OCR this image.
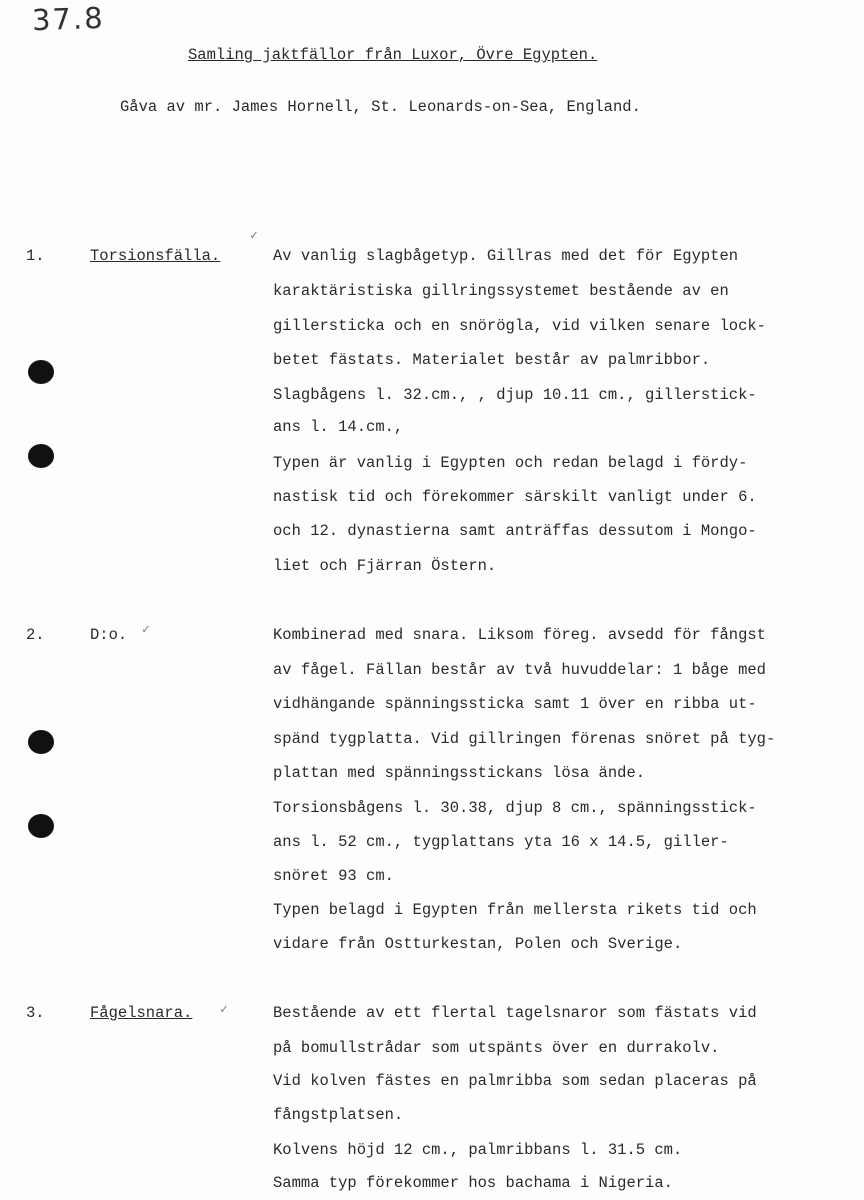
37.8
Samling jaktfällor från Luxor, Övre Egypten.
Gåva av mr. James Hornell, St. Leonards-on-Sea, England.
✓
✓
✓
1.	Torsionsfälla.	Av vanlig slagbågetyp. Gillras med det för Egypten
karaktäristiska gillringssystemet bestående av en
gillersticka och en snörögla, vid vilken senare lock-
betet fästats. Materialet består av palmribbor.
Slagbågens l. 32.cm., , djup 10.11 cm., gillerstick-
ans l. 14.cm.,
Typen är vanlig i Egypten och redan belagd i fördy-
nastisk tid och förekommer särskilt vanligt under 6.
och 12. dynastierna samt anträffas dessutom i Mongo-
liet och Fjärran Östern.
2.	D:o.	Kombinerad med snara. Liksom föreg. avsedd för fångst
av fågel. Fällan består av två huvuddelar: 1 båge med
vidhängande spänningssticka samt 1 över en ribba ut-
spänd tygplatta. Vid gillringen förenas snöret på tyg-
plattan med spänningsstickans lösa ände.
Torsionsbågens l. 30.38, djup 8 cm., spänningsstick-
ans l. 52 cm., tygplattans yta 16 x 14.5, giller-
snöret 93 cm.
Typen belagd i Egypten från mellersta rikets tid och
vidare från Ostturkestan, Polen och Sverige.
3.	Fågelsnara.	Bestående av ett flertal tagelsnaror som fästats vid
på bomullstrådar som utspänts över en durrakolv.
Vid kolven fästes en palmribba som sedan placeras på
fångstplatsen.
Kolvens höjd 12 cm., palmribbans l. 31.5 cm.
Samma typ förekommer hos bachama i Nigeria.
